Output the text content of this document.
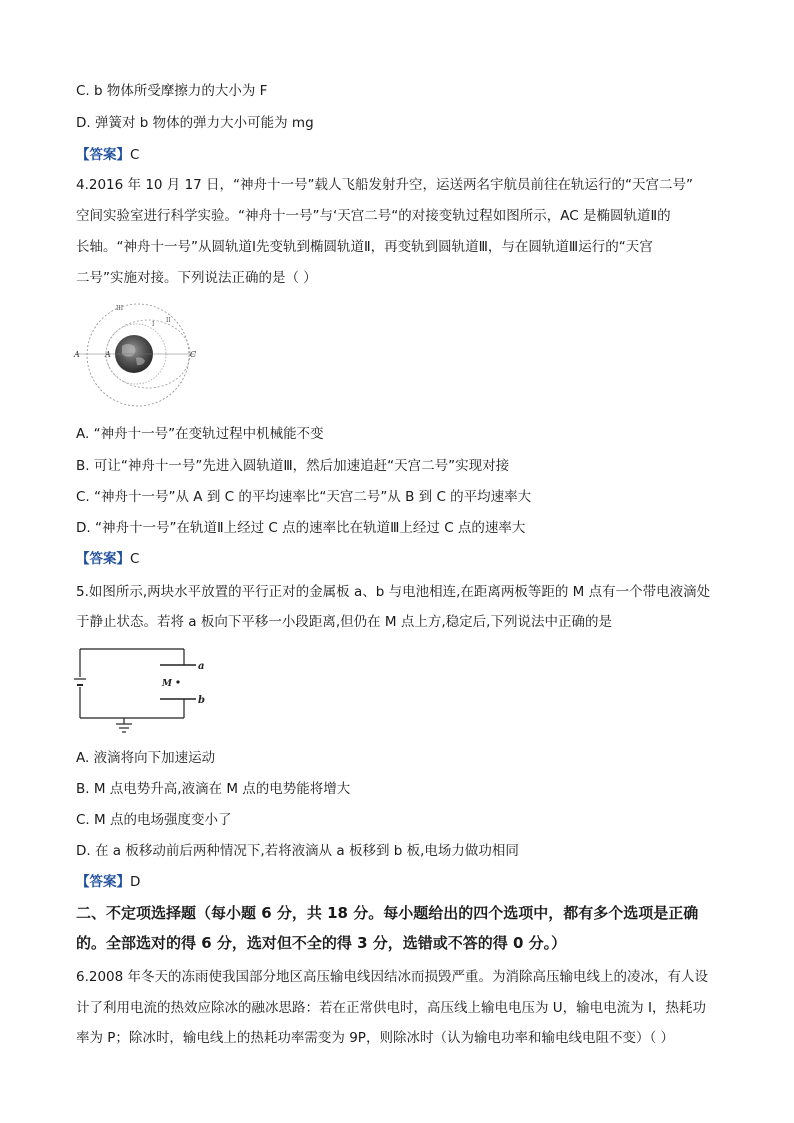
C. b 物体所受摩擦力的大小为 F
D. 弹簧对 b 物体的弹力大小可能为 mg
【答案】C
4.2016 年 10 月 17 日，“神舟十一号”载人飞船发射升空，运送两名宇航员前往在轨运行的“天宫二号”
空间实验室进行科学实验。“神舟十一号”与‘天宫二号“的对接变轨过程如图所示，AC 是椭圆轨道Ⅱ的
长轴。“神舟十一号”从圆轨道Ⅰ先变轨到椭圆轨道Ⅱ，再变轨到圆轨道Ⅲ，与在圆轨道Ⅲ运行的“天宫
二号”实施对接。下列说法正确的是（ ）
A	A	C
I
II
III
A. “神舟十一号”在变轨过程中机械能不变
B. 可让“神舟十一号”先进入圆轨道Ⅲ，然后加速追赶“天宫二号”实现对接
C. “神舟十一号”从 A 到 C 的平均速率比“天宫二号”从 B 到 C 的平均速率大
D. “神舟十一号”在轨道Ⅱ上经过 C 点的速率比在轨道Ⅲ上经过 C 点的速率大
【答案】C
5.如图所示,两块水平放置的平行正对的金属板 a、b 与电池相连,在距离两板等距的 M 点有一个带电液滴处
于静止状态。若将 a 板向下平移一小段距离,但仍在 M 点上方,稳定后,下列说法中正确的是
a
b
M
A. 液滴将向下加速运动
B. M 点电势升高,液滴在 M 点的电势能将增大
C. M 点的电场强度变小了
D. 在 a 板移动前后两种情况下,若将液滴从 a 板移到 b 板,电场力做功相同
【答案】D
二、不定项选择题（每小题 6 分，共 18 分。每小题给出的四个选项中，都有多个选项是正确
的。全部选对的得 6 分，选对但不全的得 3 分，选错或不答的得 0 分。）
6.2008 年冬天的冻雨使我国部分地区高压输电线因结冰而损毁严重。为消除高压输电线上的凌冰，有人设
计了利用电流的热效应除冰的融冰思路：若在正常供电时，高压线上输电电压为 U，输电电流为 I，热耗功
率为 P；除冰时，输电线上的热耗功率需变为 9P，则除冰时（认为输电功率和输电线电阻不变）（ ）
